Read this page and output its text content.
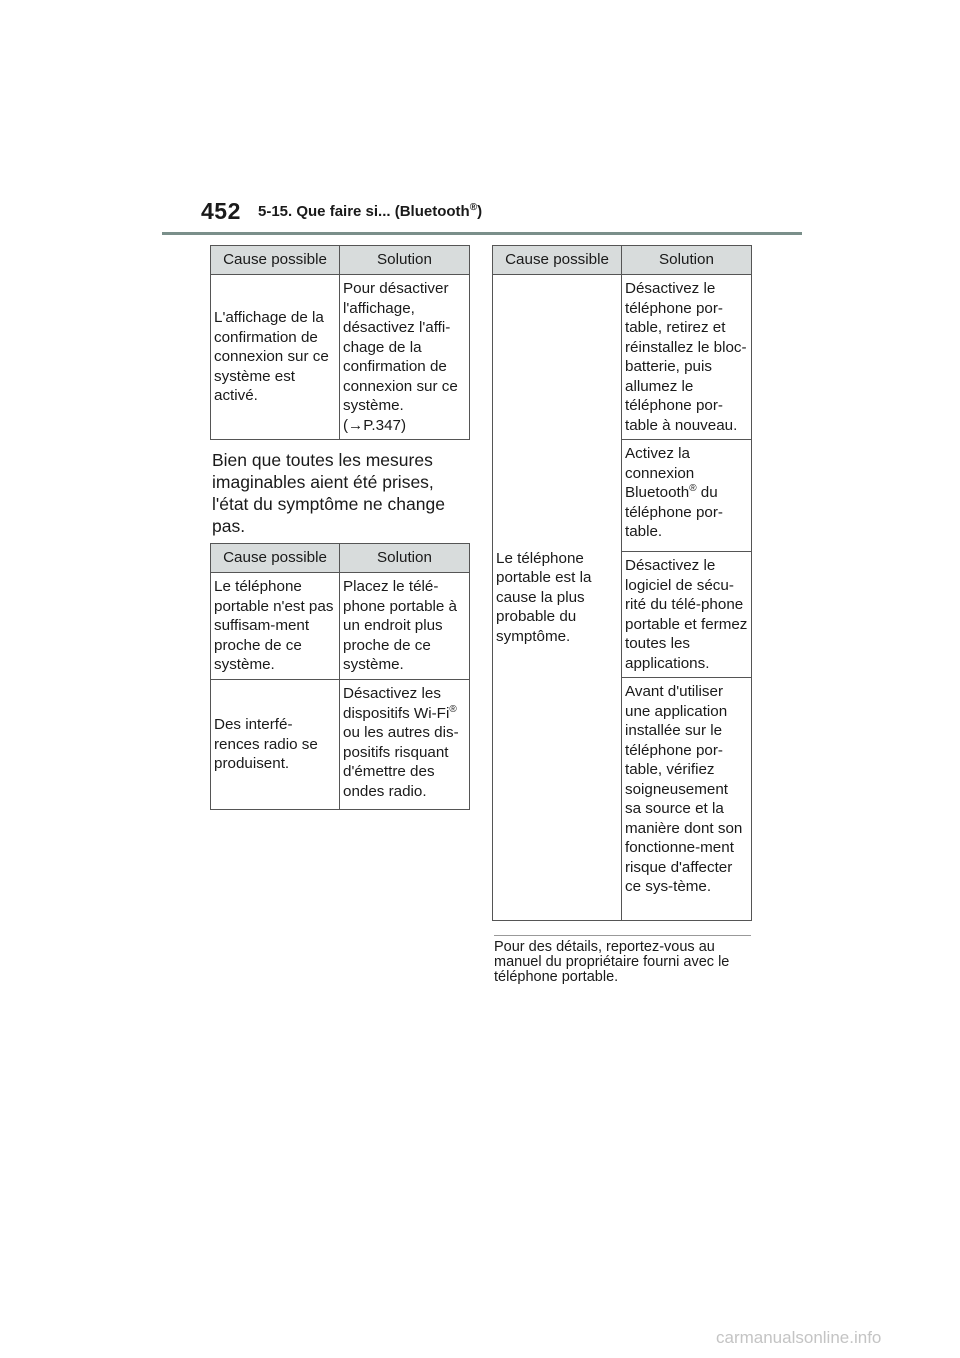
452 5-15. Que faire si... (Bluetooth®)
Cause possible	Solution
L'affichage de la confirmation de connexion sur ce système est activé.	Pour désactiver l'affichage, désactivez l'affi-chage de la confirmation de connexion sur ce système.
(→P.347)
Bien que toutes les mesures imaginables aient été prises, l'état du symptôme ne change pas.
Cause possible	Solution
Le téléphone portable n'est pas suffisam-ment proche de ce système.	Placez le télé-phone portable à un endroit plus proche de ce système.
Des interfé-rences radio se produisent.	Désactivez les dispositifs Wi-Fi® ou les autres dis-positifs risquant d'émettre des ondes radio.
Cause possible	Solution
Le téléphone portable est la cause la plus probable du symptôme.	Désactivez le téléphone por-table, retirez et réinstallez le bloc-batterie, puis allumez le téléphone por-table à nouveau.
	Activez la connexion Bluetooth® du téléphone por-table.
	Désactivez le logiciel de sécu-rité du télé-phone portable et fermez toutes les applications.
	Avant d'utiliser une application installée sur le téléphone por-table, vérifiez soigneusement sa source et la manière dont son fonctionne-ment risque d'affecter ce sys-tème.
Pour des détails, reportez-vous au manuel du propriétaire fourni avec le téléphone portable.
carmanualsonline.info
